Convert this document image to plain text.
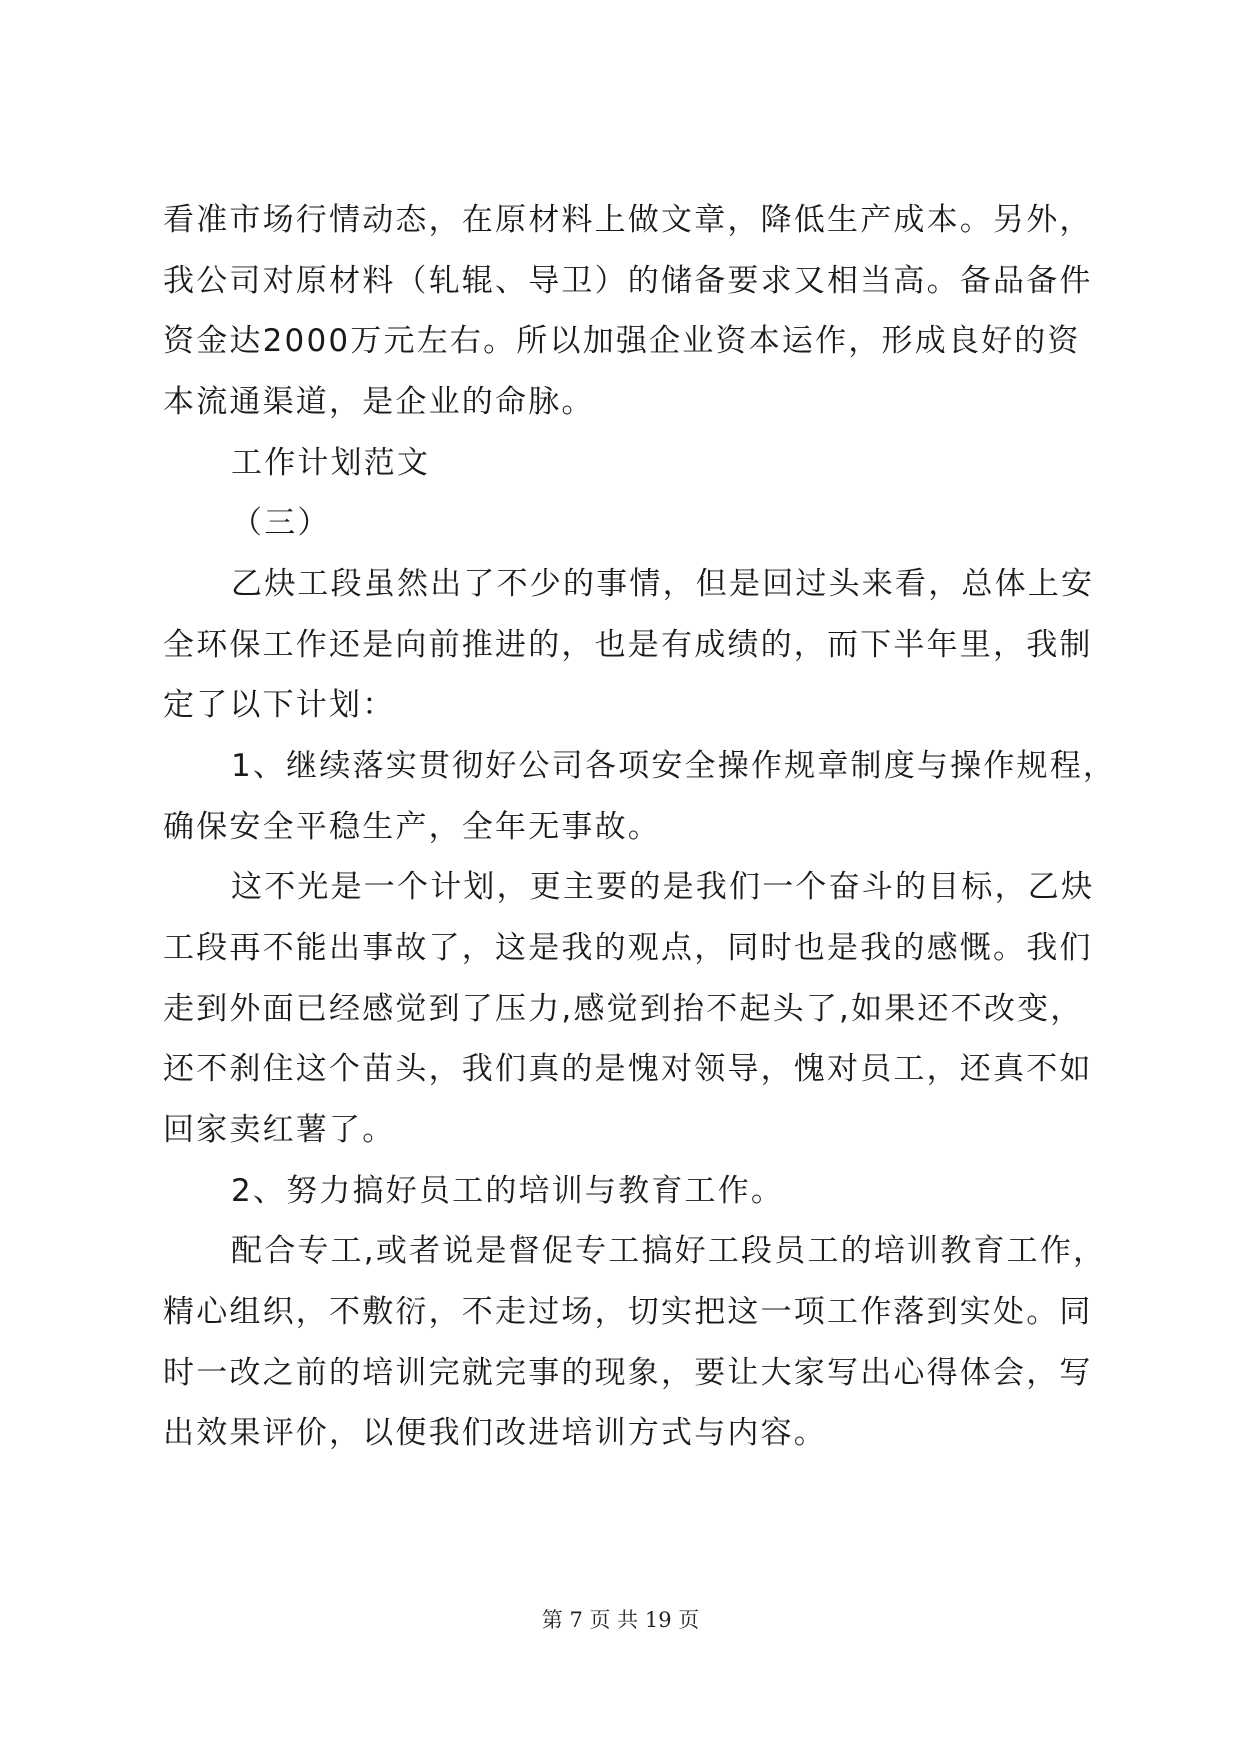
看准市场行情动态，在原材料上做文章，降低生产成本。另外，
我公司对原材料（轧辊、导卫）的储备要求又相当高。备品备件
资金达2000万元左右。所以加强企业资本运作，形成良好的资
本流通渠道，是企业的命脉。
工作计划范文
（三）
乙炔工段虽然出了不少的事情，但是回过头来看，总体上安
全环保工作还是向前推进的，也是有成绩的，而下半年里，我制
定了以下计划：
1、继续落实贯彻好公司各项安全操作规章制度与操作规程，
确保安全平稳生产，全年无事故。
这不光是一个计划，更主要的是我们一个奋斗的目标，乙炔
工段再不能出事故了，这是我的观点，同时也是我的感慨。我们
走到外面已经感觉到了压力,感觉到抬不起头了,如果还不改变，
还不刹住这个苗头，我们真的是愧对领导，愧对员工，还真不如
回家卖红薯了。
2、努力搞好员工的培训与教育工作。
配合专工,或者说是督促专工搞好工段员工的培训教育工作，
精心组织，不敷衍，不走过场，切实把这一项工作落到实处。同
时一改之前的培训完就完事的现象，要让大家写出心得体会，写
出效果评价，以便我们改进培训方式与内容。
第 7 页 共 19 页
